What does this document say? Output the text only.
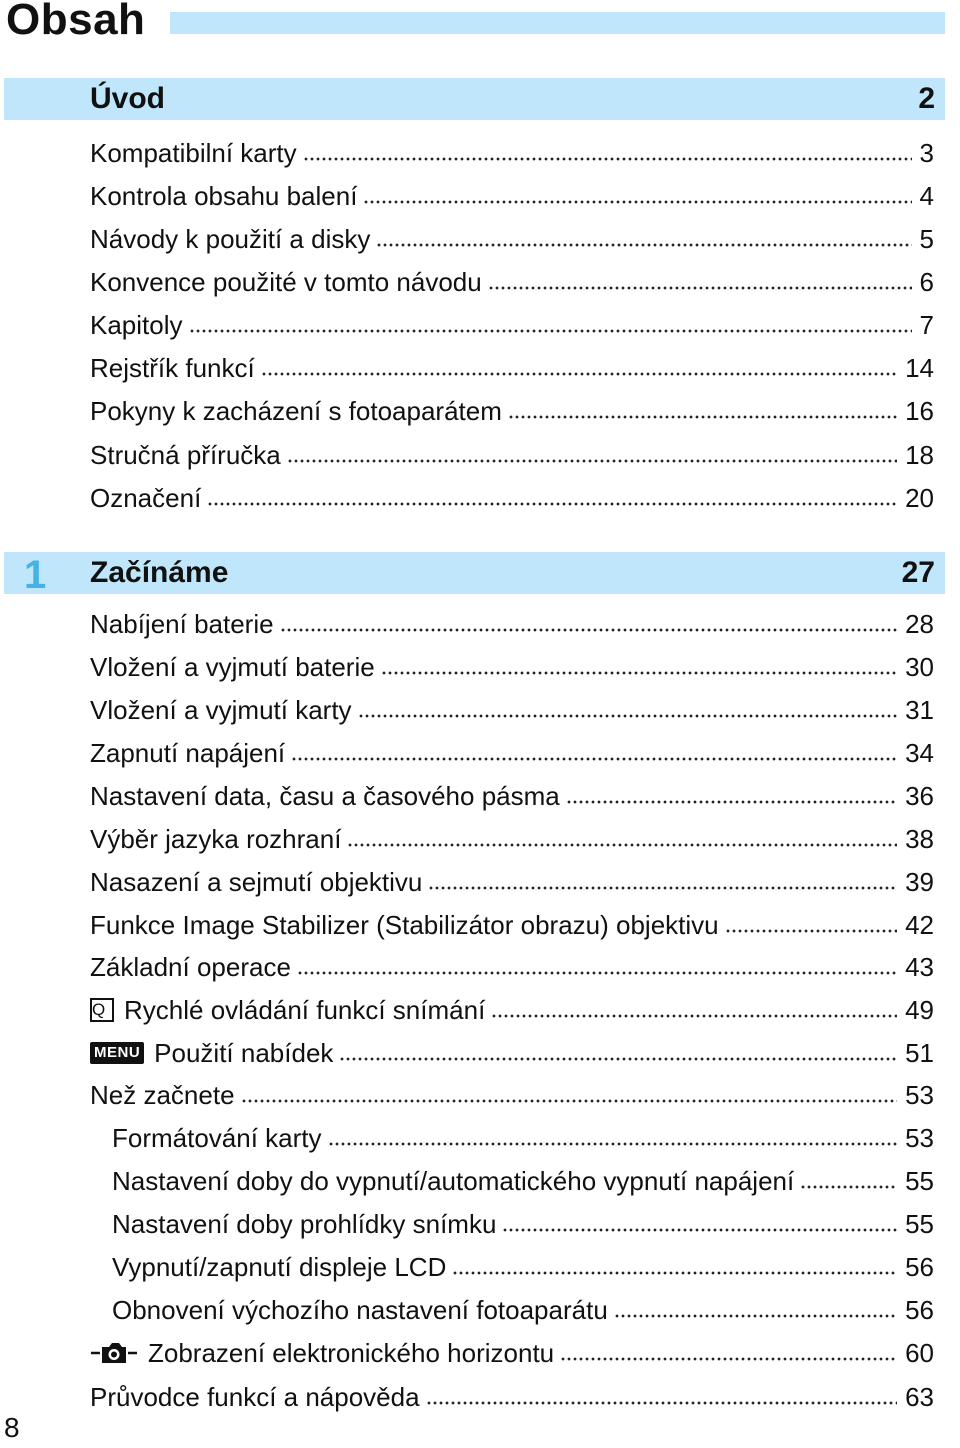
Obsah
Úvod	2
Kompatibilní karty	3
Kontrola obsahu balení	4
Návody k použití a disky	5
Konvence použité v tomto návodu	6
Kapitoly	7
Rejstřík funkcí	14
Pokyny k zacházení s fotoaparátem	16
Stručná příručka	18
Označení	20
1	Začínáme	27
Nabíjení baterie	28
Vložení a vyjmutí baterie	30
Vložení a vyjmutí karty	31
Zapnutí napájení	34
Nastavení data, času a časového pásma	36
Výběr jazyka rozhraní	38
Nasazení a sejmutí objektivu	39
Funkce Image Stabilizer (Stabilizátor obrazu) objektivu	42
Základní operace	43
Q Rychlé ovládání funkcí snímání	49
MENU Použití nabídek	51
Než začnete	53
Formátování karty	53
Nastavení doby do vypnutí/automatického vypnutí napájení	55
Nastavení doby prohlídky snímku	55
Vypnutí/zapnutí displeje LCD	56
Obnovení výchozího nastavení fotoaparátu	56
Zobrazení elektronického horizontu	60
Průvodce funkcí a nápověda	63
8
